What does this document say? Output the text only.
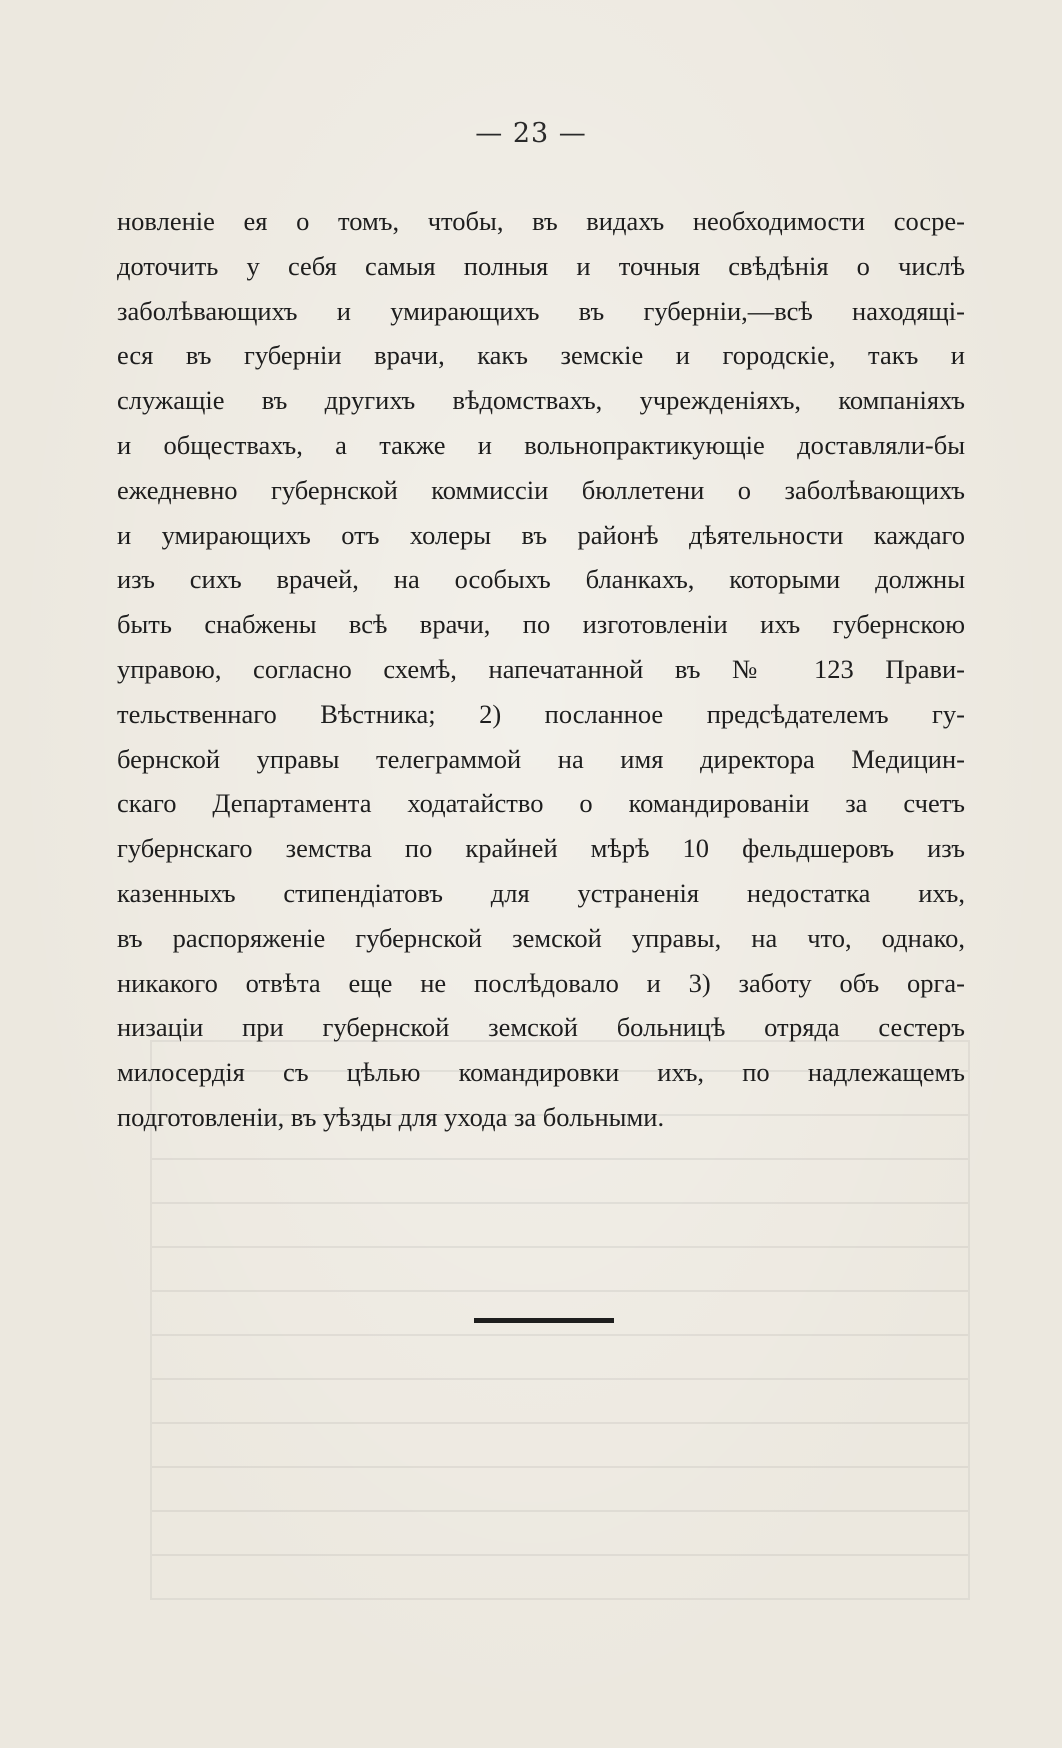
— 23 —
новленіе ея о томъ, чтобы, въ видахъ необходимости сосре-
доточить у себя самыя полныя и точныя свѣдѣнія о числѣ
заболѣвающихъ и умирающихъ въ губерніи,—всѣ находящі-
еся въ губерніи врачи, какъ земскіе и городскіе, такъ и
служащіе въ другихъ вѣдомствахъ, учрежденіяхъ, компаніяхъ
и обществахъ, а также и вольнопрактикующіе доставляли-бы
ежедневно губернской коммиссіи бюллетени о заболѣвающихъ
и умирающихъ отъ холеры въ районѣ дѣятельности каждаго
изъ сихъ врачей, на особыхъ бланкахъ, которыми должны
быть снабжены всѣ врачи, по изготовленіи ихъ губернскою
управою, согласно схемѣ, напечатанной въ № 123 Прави-
тельственнаго Вѣстника; 2) посланное предсѣдателемъ гу-
бернской управы телеграммой на имя директора Медицин-
скаго Департамента ходатайство о командированіи за счетъ
губернскаго земства по крайней мѣрѣ 10 фельдшеровъ изъ
казенныхъ стипендіатовъ для устраненія недостатка ихъ,
въ распоряженіе губернской земской управы, на что, однако,
никакого отвѣта еще не послѣдовало и 3) заботу объ орга-
низаціи при губернской земской больницѣ отряда сестеръ
милосердія съ цѣлью командировки ихъ, по надлежащемъ
подготовленіи, въ уѣзды для ухода за больными.
